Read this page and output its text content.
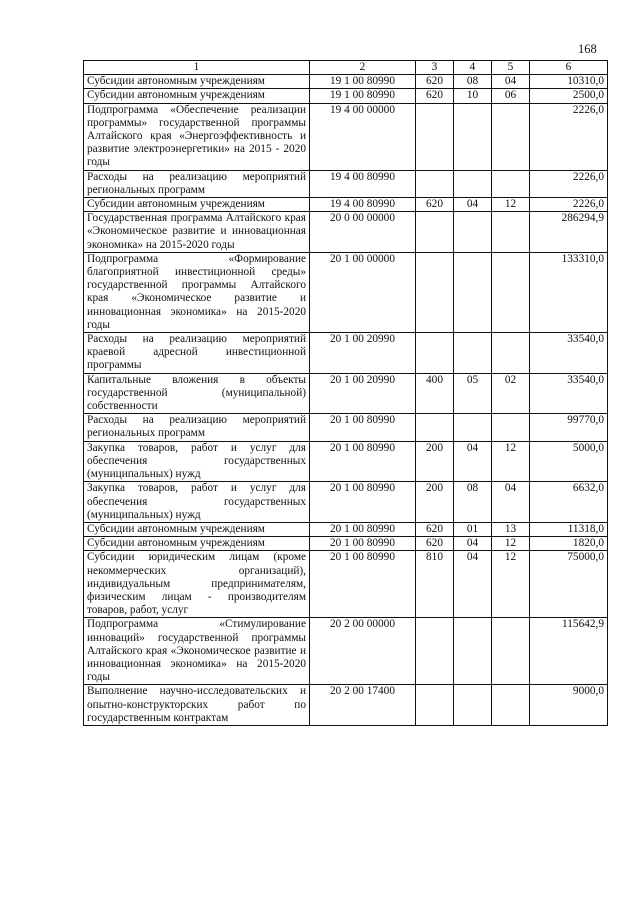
168
1	2	3	4	5	6
Субсидии автономным учреждениям	19 1 00 80990	620	08	04	10310,0
Субсидии автономным учреждениям	19 1 00 80990	620	10	06	2500,0
Подпрограмма «Обеспечение реализации программы» государственной программы Алтайского края «Энергоэффективность и развитие электроэнергетики» на 2015 - 2020 годы	19 4 00 00000				2226,0
Расходы на реализацию мероприятий региональных программ	19 4 00 80990				2226,0
Субсидии автономным учреждениям	19 4 00 80990	620	04	12	2226,0
Государственная программа Алтайского края «Экономическое развитие и инновационная экономика» на 2015-2020 годы	20 0 00 00000				286294,9
Подпрограмма «Формирование благоприятной инвестиционной среды» государственной программы Алтайского края «Экономическое развитие и инновационная экономика» на 2015-2020 годы	20 1 00 00000				133310,0
Расходы на реализацию мероприятий краевой адресной инвестиционной программы	20 1 00 20990				33540,0
Капитальные вложения в объекты государственной (муниципальной) собственности	20 1 00 20990	400	05	02	33540,0
Расходы на реализацию мероприятий региональных программ	20 1 00 80990				99770,0
Закупка товаров, работ и услуг для обеспечения государственных (муниципальных) нужд	20 1 00 80990	200	04	12	5000,0
Закупка товаров, работ и услуг для обеспечения государственных (муниципальных) нужд	20 1 00 80990	200	08	04	6632,0
Субсидии автономным учреждениям	20 1 00 80990	620	01	13	11318,0
Субсидии автономным учреждениям	20 1 00 80990	620	04	12	1820,0
Субсидии юридическим лицам (кроме некоммерческих организаций), индивидуальным предпринимателям, физическим лицам - производителям товаров, работ, услуг	20 1 00 80990	810	04	12	75000,0
Подпрограмма «Стимулирование инноваций» государственной программы Алтайского края «Экономическое развитие и инновационная экономика» на 2015-2020 годы	20 2 00 00000				115642,9
Выполнение научно-исследовательских и опытно-конструкторских работ по государственным контрактам	20 2 00 17400				9000,0
